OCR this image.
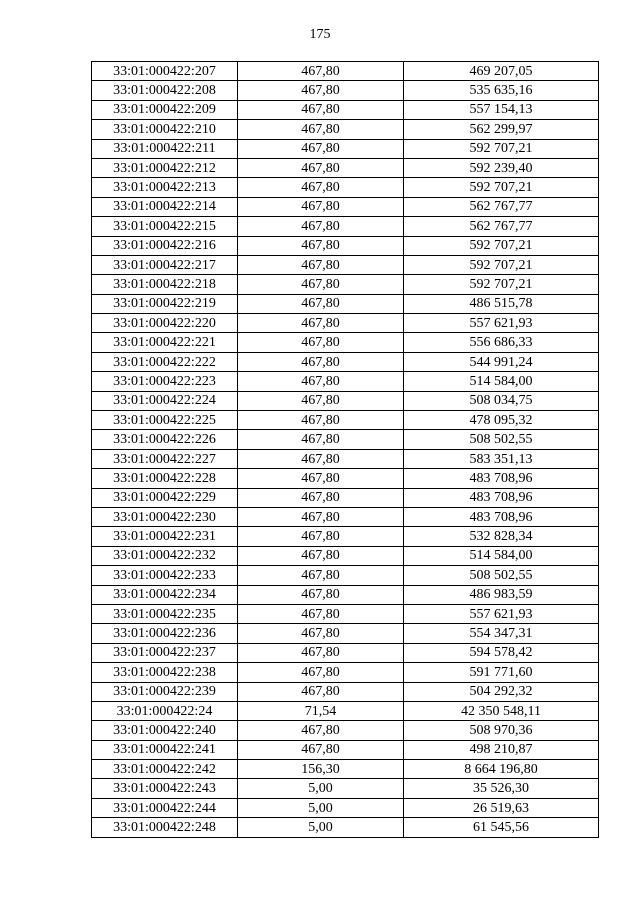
175
33:01:000422:207	467,80	469 207,05
33:01:000422:208	467,80	535 635,16
33:01:000422:209	467,80	557 154,13
33:01:000422:210	467,80	562 299,97
33:01:000422:211	467,80	592 707,21
33:01:000422:212	467,80	592 239,40
33:01:000422:213	467,80	592 707,21
33:01:000422:214	467,80	562 767,77
33:01:000422:215	467,80	562 767,77
33:01:000422:216	467,80	592 707,21
33:01:000422:217	467,80	592 707,21
33:01:000422:218	467,80	592 707,21
33:01:000422:219	467,80	486 515,78
33:01:000422:220	467,80	557 621,93
33:01:000422:221	467,80	556 686,33
33:01:000422:222	467,80	544 991,24
33:01:000422:223	467,80	514 584,00
33:01:000422:224	467,80	508 034,75
33:01:000422:225	467,80	478 095,32
33:01:000422:226	467,80	508 502,55
33:01:000422:227	467,80	583 351,13
33:01:000422:228	467,80	483 708,96
33:01:000422:229	467,80	483 708,96
33:01:000422:230	467,80	483 708,96
33:01:000422:231	467,80	532 828,34
33:01:000422:232	467,80	514 584,00
33:01:000422:233	467,80	508 502,55
33:01:000422:234	467,80	486 983,59
33:01:000422:235	467,80	557 621,93
33:01:000422:236	467,80	554 347,31
33:01:000422:237	467,80	594 578,42
33:01:000422:238	467,80	591 771,60
33:01:000422:239	467,80	504 292,32
33:01:000422:24	71,54	42 350 548,11
33:01:000422:240	467,80	508 970,36
33:01:000422:241	467,80	498 210,87
33:01:000422:242	156,30	8 664 196,80
33:01:000422:243	5,00	35 526,30
33:01:000422:244	5,00	26 519,63
33:01:000422:248	5,00	61 545,56
